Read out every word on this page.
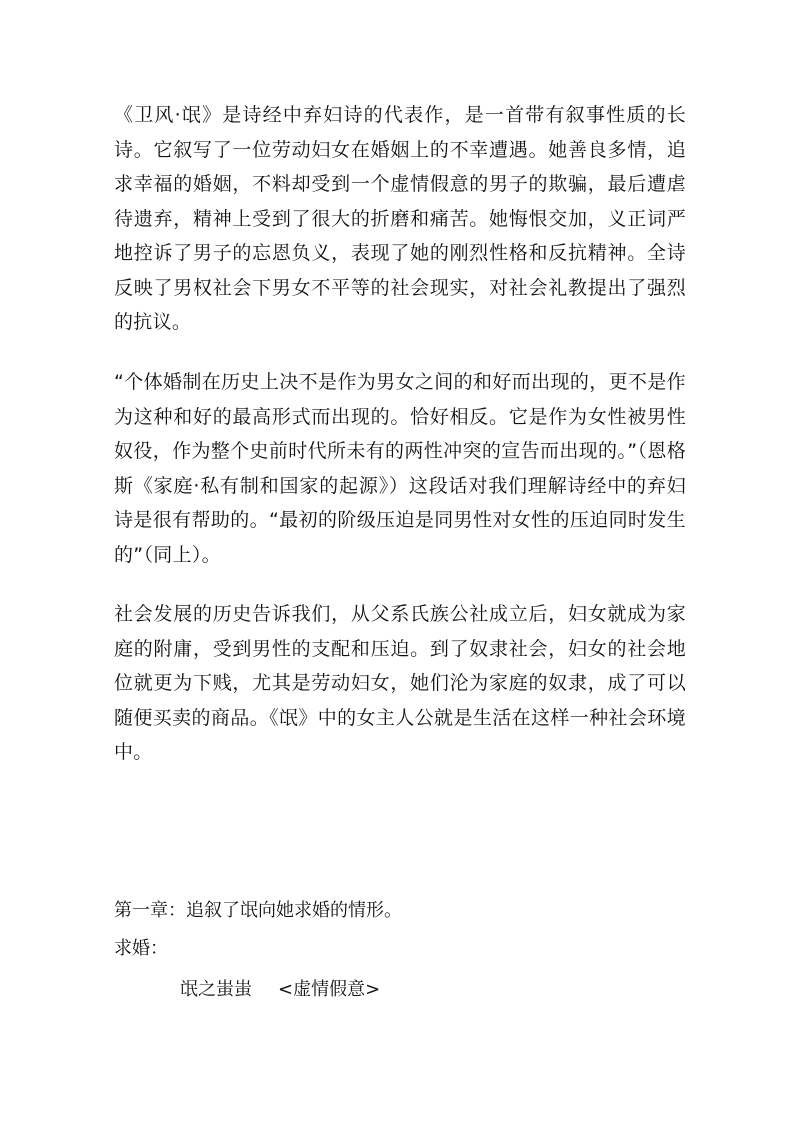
《卫风·氓》是诗经中弃妇诗的代表作，是一首带有叙事性质的长诗。它叙写了一位劳动妇女在婚姻上的不幸遭遇。她善良多情，追求幸福的婚姻，不料却受到一个虚情假意的男子的欺骗，最后遭虐待遗弃，精神上受到了很大的折磨和痛苦。她悔恨交加，义正词严地控诉了男子的忘恩负义，表现了她的刚烈性格和反抗精神。全诗反映了男权社会下男女不平等的社会现实，对社会礼教提出了强烈的抗议。

“个体婚制在历史上决不是作为男女之间的和好而出现的，更不是作为这种和好的最高形式而出现的。恰好相反。它是作为女性被男性奴役，作为整个史前时代所未有的两性冲突的宣告而出现的。”（恩格斯《家庭·私有制和国家的起源》）这段话对我们理解诗经中的弃妇诗是很有帮助的。“最初的阶级压迫是同男性对女性的压迫同时发生的”（同上）。

社会发展的历史告诉我们，从父系氏族公社成立后，妇女就成为家庭的附庸，受到男性的支配和压迫。到了奴隶社会，妇女的社会地位就更为下贱，尤其是劳动妇女，她们沦为家庭的奴隶，成了可以随便买卖的商品。《氓》中的女主人公就是生活在这样一种社会环境中。

第一章：追叙了氓向她求婚的情形。

求婚：

氓之蚩蚩 <虚情假意>
